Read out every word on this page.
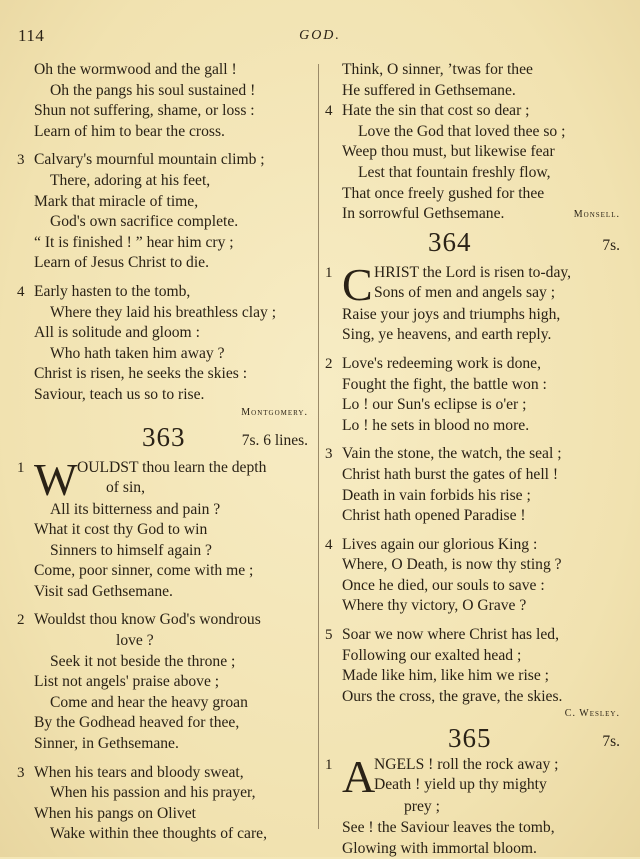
114	GOD.
Oh the wormwood and the gall !
Oh the pangs his soul sustained !
Shun not suffering, shame, or loss :
Learn of him to bear the cross.
3 Calvary's mournful mountain climb ;
There, adoring at his feet,
Mark that miracle of time,
God's own sacrifice complete.
“ It is finished ! ” hear him cry ;
Learn of Jesus Christ to die.
4 Early hasten to the tomb,
Where they laid his breathless clay ;
All is solitude and gloom :
Who hath taken him away ?
Christ is risen, he seeks the skies :
Saviour, teach us so to rise.
Montgomery.
363	7s. 6 lines.
1 W OULDST thou learn the depth
of sin,
All its bitterness and pain ?
What it cost thy God to win
Sinners to himself again ?
Come, poor sinner, come with me ;
Visit sad Gethsemane.
2 Wouldst thou know God's wondrous
love ?
Seek it not beside the throne ;
List not angels' praise above ;
Come and hear the heavy groan
By the Godhead heaved for thee,
Sinner, in Gethsemane.
3 When his tears and bloody sweat,
When his passion and his prayer,
When his pangs on Olivet
Wake within thee thoughts of care,
Think, O sinner, ’twas for thee
He suffered in Gethsemane.
4 Hate the sin that cost so dear ;
Love the God that loved thee so ;
Weep thou must, but likewise fear
Lest that fountain freshly flow,
That once freely gushed for thee
In sorrowful Gethsemane.	Monsell.
364	7s.
1 C HRIST the Lord is risen to-day,
Sons of men and angels say ;
Raise your joys and triumphs high,
Sing, ye heavens, and earth reply.
2 Love's redeeming work is done,
Fought the fight, the battle won :
Lo ! our Sun's eclipse is o'er ;
Lo ! he sets in blood no more.
3 Vain the stone, the watch, the seal ;
Christ hath burst the gates of hell !
Death in vain forbids his rise ;
Christ hath opened Paradise !
4 Lives again our glorious King :
Where, O Death, is now thy sting ?
Once he died, our souls to save :
Where thy victory, O Grave ?
5 Soar we now where Christ has led,
Following our exalted head ;
Made like him, like him we rise ;
Ours the cross, the grave, the skies.
C. Wesley.
365	7s.
1 A
NGELS ! roll the rock away ;
Death ! yield up thy mighty
prey ;
See ! the Saviour leaves the tomb,
Glowing with immortal bloom.
